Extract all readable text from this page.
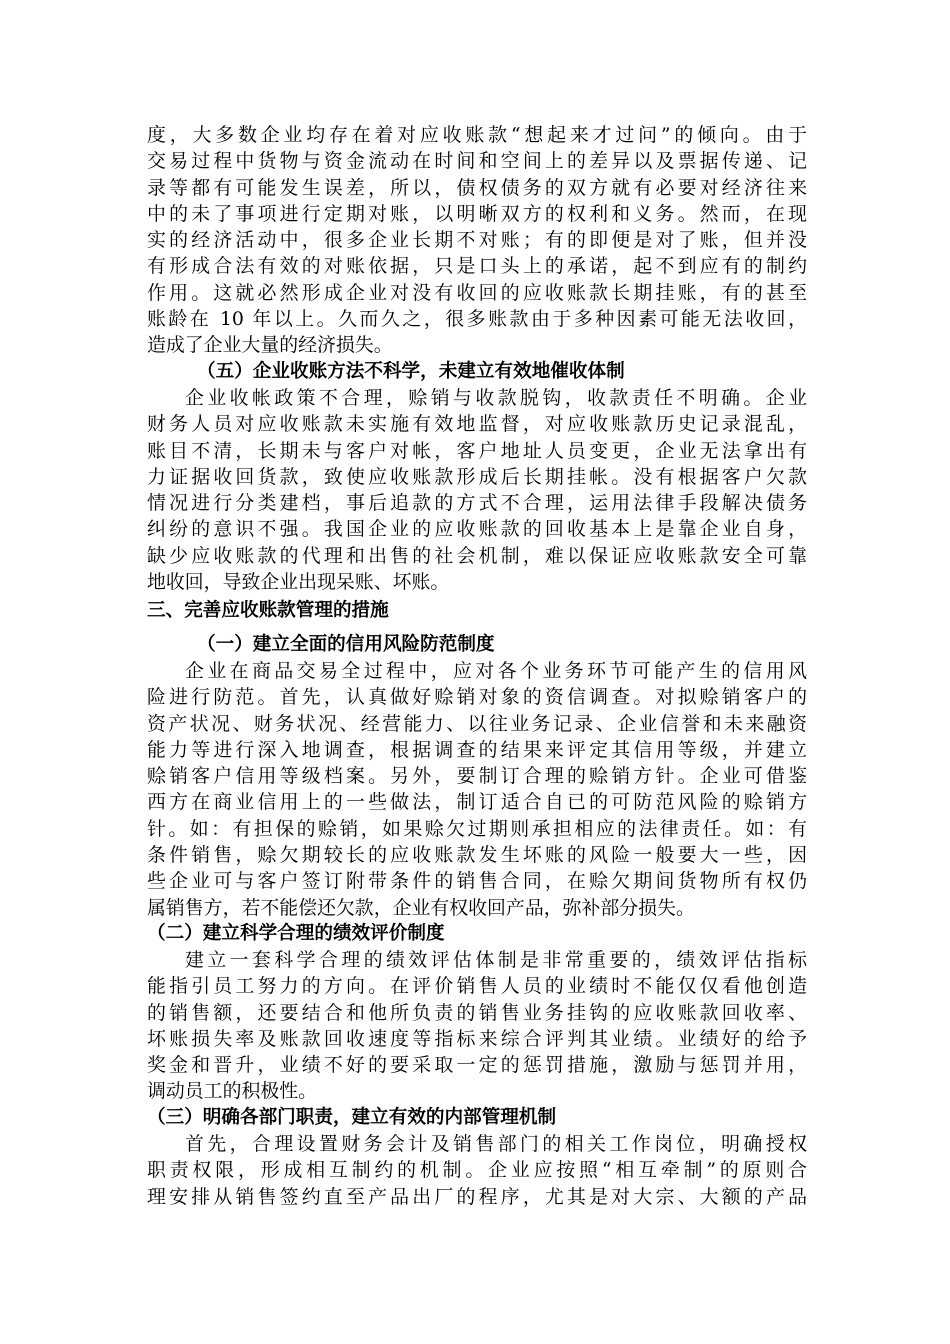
度，大多数企业均存在着对应收账款“想起来才过问”的倾向。由于
交易过程中货物与资金流动在时间和空间上的差异以及票据传递、记
录等都有可能发生误差，所以，债权债务的双方就有必要对经济往来
中的未了事项进行定期对账，以明晰双方的权利和义务。然而，在现
实的经济活动中，很多企业长期不对账；有的即便是对了账，但并没
有形成合法有效的对账依据，只是口头上的承诺，起不到应有的制约
作用。这就必然形成企业对没有收回的应收账款长期挂账，有的甚至
账龄在 10 年以上。久而久之，很多账款由于多种因素可能无法收回，
造成了企业大量的经济损失。
（五）企业收账方法不科学，未建立有效地催收体制
企业收帐政策不合理，赊销与收款脱钩，收款责任不明确。企业
财务人员对应收账款未实施有效地监督，对应收账款历史记录混乱，
账目不清，长期未与客户对帐，客户地址人员变更，企业无法拿出有
力证据收回货款，致使应收账款形成后长期挂帐。没有根据客户欠款
情况进行分类建档，事后追款的方式不合理，运用法律手段解决债务
纠纷的意识不强。我国企业的应收账款的回收基本上是靠企业自身，
缺少应收账款的代理和出售的社会机制，难以保证应收账款安全可靠
地收回，导致企业出现呆账、坏账。
三、完善应收账款管理的措施
（一）建立全面的信用风险防范制度
企业在商品交易全过程中，应对各个业务环节可能产生的信用风
险进行防范。首先，认真做好赊销对象的资信调查。对拟赊销客户的
资产状况、财务状况、经营能力、以往业务记录、企业信誉和未来融资
能力等进行深入地调查，根据调查的结果来评定其信用等级，并建立
赊销客户信用等级档案。另外，要制订合理的赊销方针。企业可借鉴
西方在商业信用上的一些做法，制订适合自已的可防范风险的赊销方
针。如：有担保的赊销，如果赊欠过期则承担相应的法律责任。如：有
条件销售，赊欠期较长的应收账款发生坏账的风险一般要大一些，因
些企业可与客户签订附带条件的销售合同，在赊欠期间货物所有权仍
属销售方，若不能偿还欠款，企业有权收回产品，弥补部分损失。
（二）建立科学合理的绩效评价制度
建立一套科学合理的绩效评估体制是非常重要的，绩效评估指标
能指引员工努力的方向。在评价销售人员的业绩时不能仅仅看他创造
的销售额，还要结合和他所负责的销售业务挂钩的应收账款回收率、
坏账损失率及账款回收速度等指标来综合评判其业绩。业绩好的给予
奖金和晋升，业绩不好的要采取一定的惩罚措施，激励与惩罚并用，
调动员工的积极性。
（三）明确各部门职责，建立有效的内部管理机制
首先，合理设置财务会计及销售部门的相关工作岗位，明确授权
职责权限，形成相互制约的机制。企业应按照“相互牵制”的原则合
理安排从销售签约直至产品出厂的程序，尤其是对大宗、大额的产品
